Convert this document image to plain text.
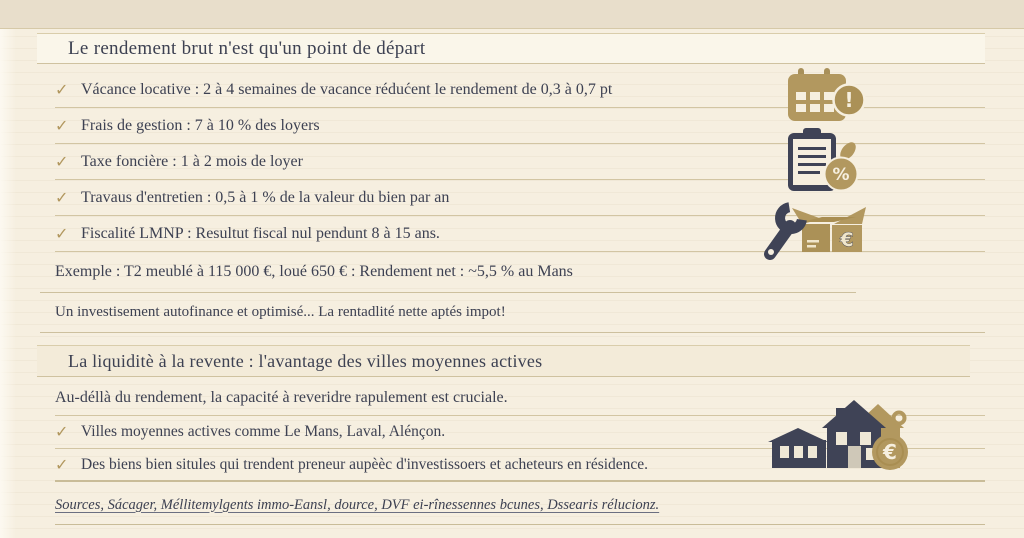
Le rendement brut n'est qu'un point de départ
✓ Vácance locative : 2 à 4 semaines de vacance rédućent le rendement de 0,3 à 0,7 pt
✓ Frais de gestion : 7 à 10 % des loyers
✓ Taxe foncière : 1 à 2 mois de loyer
✓ Travaus d'entretien : 0,5 à 1 % de la valeur du bien par an
✓ Fiscalité LMNP : Resultut fiscal nul pendunt 8 à 15 ans.
Exemple : T2 meublé à 115 000 €, loué 650 € : Rendement net : ~5,5 % au Mans
Un investisement autofinance et optimisé... La rentadlité nette aptés impot!
La liquiditè à la revente : l'avantage des villes moyennes actives
Au-déllà du rendement, la capacité à reveridre rapulement est cruciale.
✓ Villes moyennes actives comme Le Mans, Laval, Alénçon.
✓ Des biens bien situles qui trendent preneur aupèèc d'investissoers et acheteurs en résidence.
Sources, Sácager, Méllitemylgents immo-Eansl, dource, DVF ei-rînessennes bcunes, Dssearis rélucionz.
!
%
€
€
